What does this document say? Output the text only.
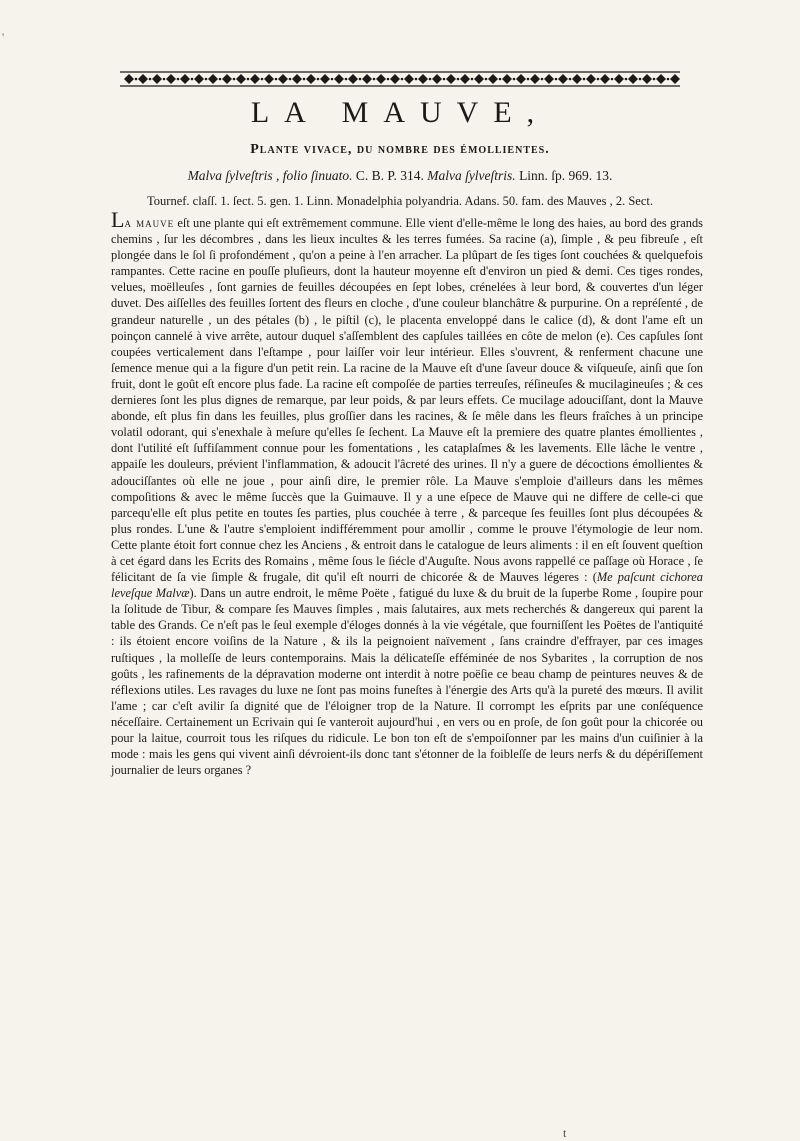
'
LA MAUVE,

Plante vivace, du nombre des émollientes.

Malva ſylveſtris , folio ſinuato. C. B. P. 314. Malva ſylveſtris. Linn. ſp. 969. 13.

Tournef. claſſ. 1. ſect. 5. gen. 1. Linn. Monadelphia polyandria. Adans. 50. fam. des Mauves , 2. Sect.

La mauve eſt une plante qui eſt extrêmement commune. Elle vient d'elle-même le long des haies, au bord des grands chemins , ſur les décombres , dans les lieux incultes & les terres fumées. Sa racine (a), ſimple , & peu fibreuſe , eſt plongée dans le ſol ſi profondément , qu'on a peine à l'en arracher. La plûpart de ſes tiges ſont couchées & quelquefois rampantes. Cette racine en pouſſe pluſieurs, dont la hauteur moyenne eſt d'environ un pied & demi. Ces tiges rondes, velues, moëlleuſes , ſont garnies de feuilles découpées en ſept lobes, crénelées à leur bord, & couvertes d'un léger duvet. Des aiſſelles des feuilles ſortent des fleurs en cloche , d'une couleur blanchâtre & purpurine. On a repréſenté , de grandeur naturelle , un des pétales (b) , le piſtil (c), le placenta enveloppé dans le calice (d), & dont l'ame eſt un poinçon cannelé à vive arrête, autour duquel s'aſſemblent des capſules taillées en côte de melon (e). Ces capſules ſont coupées verticalement dans l'eſtampe , pour laiſſer voir leur intérieur. Elles s'ouvrent, & renferment chacune une ſemence menue qui a la figure d'un petit rein. La racine de la Mauve eſt d'une ſaveur douce & viſqueuſe, ainſi que ſon fruit, dont le goût eſt encore plus fade. La racine eſt compoſée de parties terreuſes, réſineuſes & mucilagineuſes ; & ces dernieres ſont les plus dignes de remarque, par leur poids, & par leurs effets. Ce mucilage adouciſſant, dont la Mauve abonde, eſt plus fin dans les feuilles, plus groſſier dans les racines, & ſe mêle dans les fleurs fraîches à un principe volatil odorant, qui s'enexhale à meſure qu'elles ſe ſechent. La Mauve eſt la premiere des quatre plantes émollientes , dont l'utilité eſt ſuffiſamment connue pour les fomentations , les cataplaſmes & les lavements. Elle lâche le ventre , appaiſe les douleurs, prévient l'inflammation, & adoucit l'âcreté des urines. Il n'y a guere de décoctions émollientes & adouciſſantes où elle ne joue , pour ainſi dire, le premier rôle. La Mauve s'emploie d'ailleurs dans les mêmes compoſitions & avec le même ſuccès que la Guimauve. Il y a une eſpece de Mauve qui ne differe de celle-ci que parcequ'elle eſt plus petite en toutes ſes parties, plus couchée à terre , & parceque ſes feuilles ſont plus découpées & plus rondes. L'une & l'autre s'emploient indifféremment pour amollir , comme le prouve l'étymologie de leur nom. Cette plante étoit fort connue chez les Anciens , & entroit dans le catalogue de leurs aliments : il en eſt ſouvent queſtion à cet égard dans les Ecrits des Romains , même ſous le ſiécle d'Auguſte. Nous avons rappellé ce paſſage où Horace , ſe félicitant de ſa vie ſimple & frugale, dit qu'il eſt nourri de chicorée & de Mauves légeres : (Me paſcunt cichorea leveſque Malvæ). Dans un autre endroit, le même Poëte , fatigué du luxe & du bruit de la ſuperbe Rome , ſoupire pour la ſolitude de Tibur, & compare ſes Mauves ſimples , mais ſalutaires, aux mets recherchés & dangereux qui parent la table des Grands. Ce n'eſt pas le ſeul exemple d'éloges donnés à la vie végétale, que fourniſſent les Poëtes de l'antiquité : ils étoient encore voiſins de la Nature , & ils la peignoient naïvement , ſans craindre d'effrayer, par ces images ruſtiques , la molleſſe de leurs contemporains. Mais la délicateſſe efféminée de nos Sybarites , la corruption de nos goûts , les rafinements de la dépravation moderne ont interdit à notre poëſie ce beau champ de peintures neuves & de réflexions utiles. Les ravages du luxe ne ſont pas moins funeſtes à l'énergie des Arts qu'à la pureté des mœurs. Il avilit l'ame ; car c'eſt avilir ſa dignité que de l'éloigner trop de la Nature. Il corrompt les eſprits par une conſéquence néceſſaire. Certainement un Ecrivain qui ſe vanteroit aujourd'hui , en vers ou en proſe, de ſon goût pour la chicorée ou pour la laitue, courroit tous les riſques du ridicule. Le bon ton eſt de s'empoiſonner par les mains d'un cuiſinier à la mode : mais les gens qui vivent ainſi dévroient-ils donc tant s'étonner de la foibleſſe de leurs nerfs & du dépériſſement journalier de leurs organes ?

t
